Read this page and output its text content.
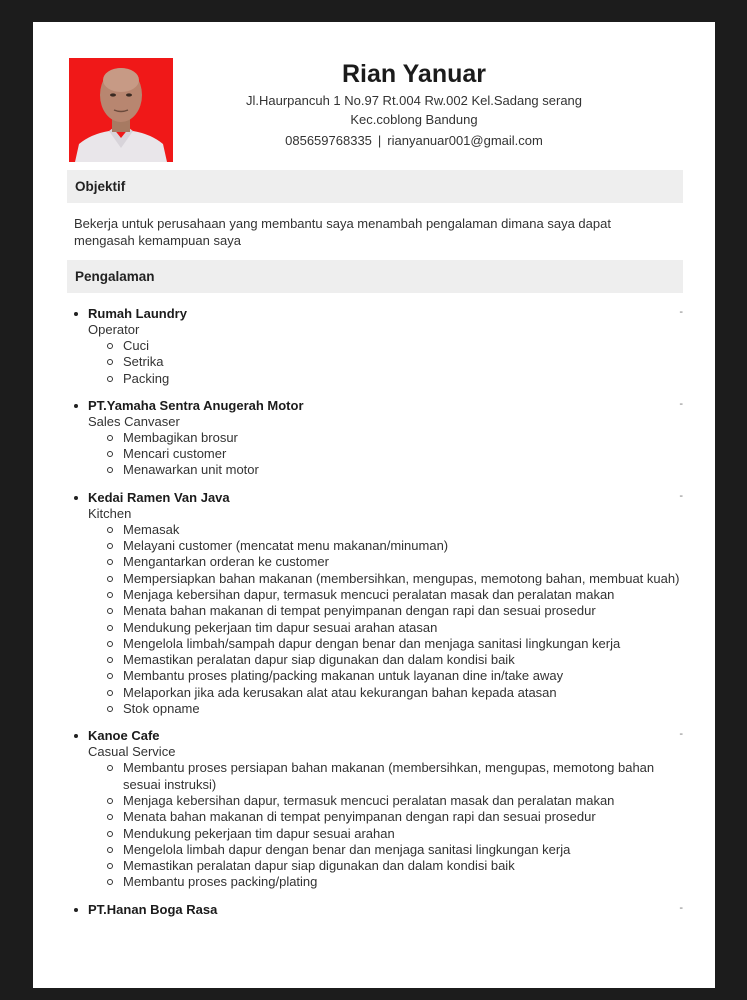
Rian Yanuar
Jl.Haurpancuh 1 No.97 Rt.004 Rw.002 Kel.Sadang serang
Kec.coblong Bandung
085659768335 | rianyanuar001@gmail.com
Objektif
Bekerja untuk perusahaan yang membantu saya menambah pengalaman dimana saya dapat mengasah kemampuan saya
Pengalaman
Rumah Laundry	-
Operator
Cuci
Setrika
Packing
PT.Yamaha Sentra Anugerah Motor	-
Sales Canvaser
Membagikan brosur
Mencari customer
Menawarkan unit motor
Kedai Ramen Van Java	-
Kitchen
Memasak
Melayani customer (mencatat menu makanan/minuman)
Mengantarkan orderan ke customer
Mempersiapkan bahan makanan (membersihkan, mengupas, memotong bahan, membuat kuah)
Menjaga kebersihan dapur, termasuk mencuci peralatan masak dan peralatan makan
Menata bahan makanan di tempat penyimpanan dengan rapi dan sesuai prosedur
Mendukung pekerjaan tim dapur sesuai arahan atasan
Mengelola limbah/sampah dapur dengan benar dan menjaga sanitasi lingkungan kerja
Memastikan peralatan dapur siap digunakan dan dalam kondisi baik
Membantu proses plating/packing makanan untuk layanan dine in/take away
Melaporkan jika ada kerusakan alat atau kekurangan bahan kepada atasan
Stok opname
Kanoe Cafe	-
Casual Service
Membantu proses persiapan bahan makanan (membersihkan, mengupas, memotong bahan sesuai instruksi)
Menjaga kebersihan dapur, termasuk mencuci peralatan masak dan peralatan makan
Menata bahan makanan di tempat penyimpanan dengan rapi dan sesuai prosedur
Mendukung pekerjaan tim dapur sesuai arahan
Mengelola limbah dapur dengan benar dan menjaga sanitasi lingkungan kerja
Memastikan peralatan dapur siap digunakan dan dalam kondisi baik
Membantu proses packing/plating
PT.Hanan Boga Rasa	-
